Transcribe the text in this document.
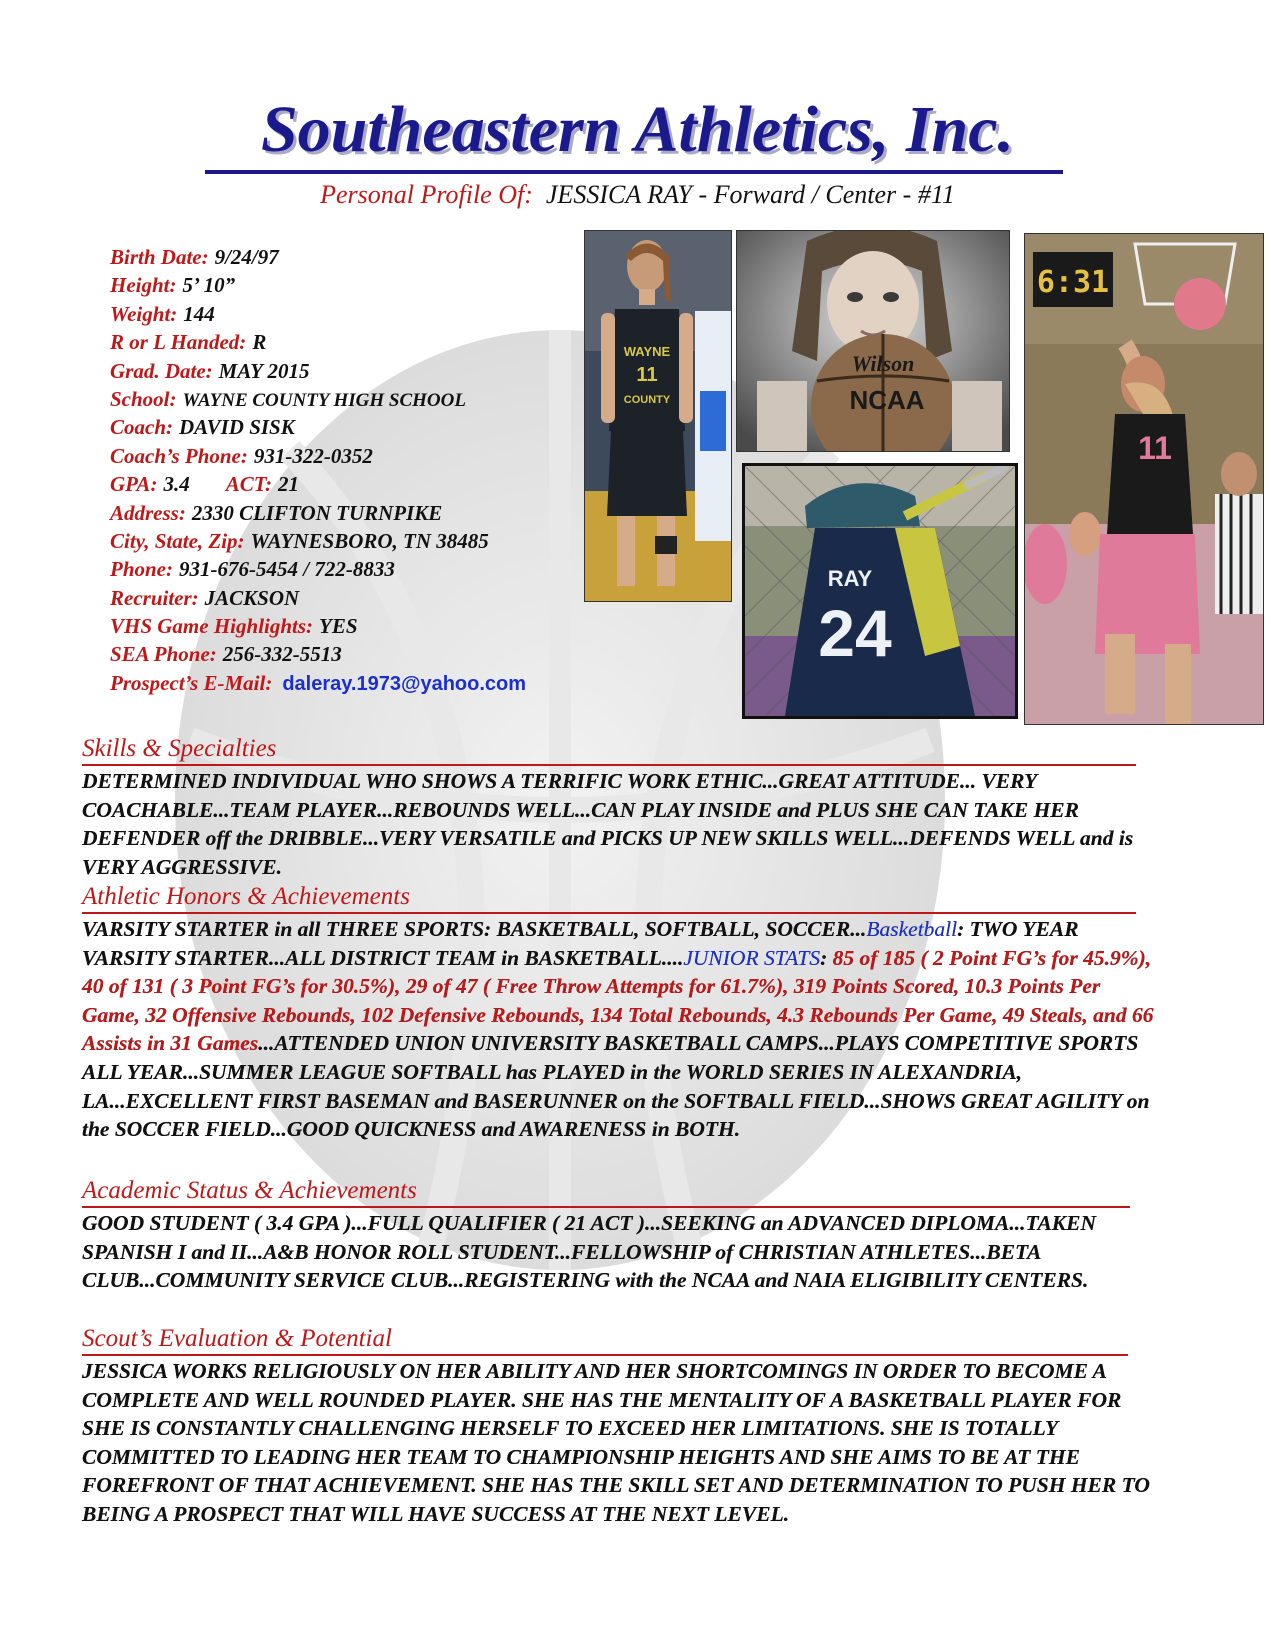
Southeastern Athletics, Inc.
Personal Profile Of: JESSICA RAY - Forward / Center - #11
Birth Date: 9/24/97
Height: 5’ 10”
Weight: 144
R or L Handed: R
Grad. Date: MAY 2015
School: WAYNE COUNTY HIGH SCHOOL
Coach: DAVID SISK
Coach’s Phone: 931-322-0352
GPA: 3.4 ACT: 21
Address: 2330 CLIFTON TURNPIKE
City, State, Zip: WAYNESBORO, TN 38485
Phone: 931-676-5454 / 722-8833
Recruiter: JACKSON
VHS Game Highlights: YES
SEA Phone: 256-332-5513
Prospect’s E-Mail: daleray.1973@yahoo.com
WAYNE
11
COUNTY
Wilson
NCAA
RAY
24
6:31
11
Skills & Specialties
DETERMINED INDIVIDUAL WHO SHOWS A TERRIFIC WORK ETHIC...GREAT ATTITUDE... VERY COACHABLE...TEAM PLAYER...REBOUNDS WELL...CAN PLAY INSIDE and PLUS SHE CAN TAKE HER DEFENDER off the DRIBBLE...VERY VERSATILE and PICKS UP NEW SKILLS WELL...DEFENDS WELL and is VERY AGGRESSIVE.
Athletic Honors & Achievements
VARSITY STARTER in all THREE SPORTS: BASKETBALL, SOFTBALL, SOCCER...Basketball: TWO YEAR VARSITY STARTER...ALL DISTRICT TEAM in BASKETBALL....JUNIOR STATS: 85 of 185 ( 2 Point FG’s for 45.9%), 40 of 131 ( 3 Point FG’s for 30.5%), 29 of 47 ( Free Throw Attempts for 61.7%), 319 Points Scored, 10.3 Points Per Game, 32 Offensive Rebounds, 102 Defensive Rebounds, 134 Total Rebounds, 4.3 Rebounds Per Game, 49 Steals, and 66 Assists in 31 Games...ATTENDED UNION UNIVERSITY BASKETBALL CAMPS...PLAYS COMPETITIVE SPORTS ALL YEAR...SUMMER LEAGUE SOFTBALL has PLAYED in the WORLD SERIES IN ALEXANDRIA, LA...EXCELLENT FIRST BASEMAN and BASERUNNER on the SOFTBALL FIELD...SHOWS GREAT AGILITY on the SOCCER FIELD...GOOD QUICKNESS and AWARENESS in BOTH.
Academic Status & Achievements
GOOD STUDENT ( 3.4 GPA )...FULL QUALIFIER ( 21 ACT )...SEEKING an ADVANCED DIPLOMA...TAKEN SPANISH I and II...A&B HONOR ROLL STUDENT...FELLOWSHIP of CHRISTIAN ATHLETES...BETA CLUB...COMMUNITY SERVICE CLUB...REGISTERING with the NCAA and NAIA ELIGIBILITY CENTERS.
Scout’s Evaluation & Potential
JESSICA WORKS RELIGIOUSLY ON HER ABILITY AND HER SHORTCOMINGS IN ORDER TO BECOME A COMPLETE AND WELL ROUNDED PLAYER. SHE HAS THE MENTALITY OF A BASKETBALL PLAYER FOR SHE IS CONSTANTLY CHALLENGING HERSELF TO EXCEED HER LIMITATIONS. SHE IS TOTALLY COMMITTED TO LEADING HER TEAM TO CHAMPIONSHIP HEIGHTS AND SHE AIMS TO BE AT THE FOREFRONT OF THAT ACHIEVEMENT. SHE HAS THE SKILL SET AND DETERMINATION TO PUSH HER TO BEING A PROSPECT THAT WILL HAVE SUCCESS AT THE NEXT LEVEL.
